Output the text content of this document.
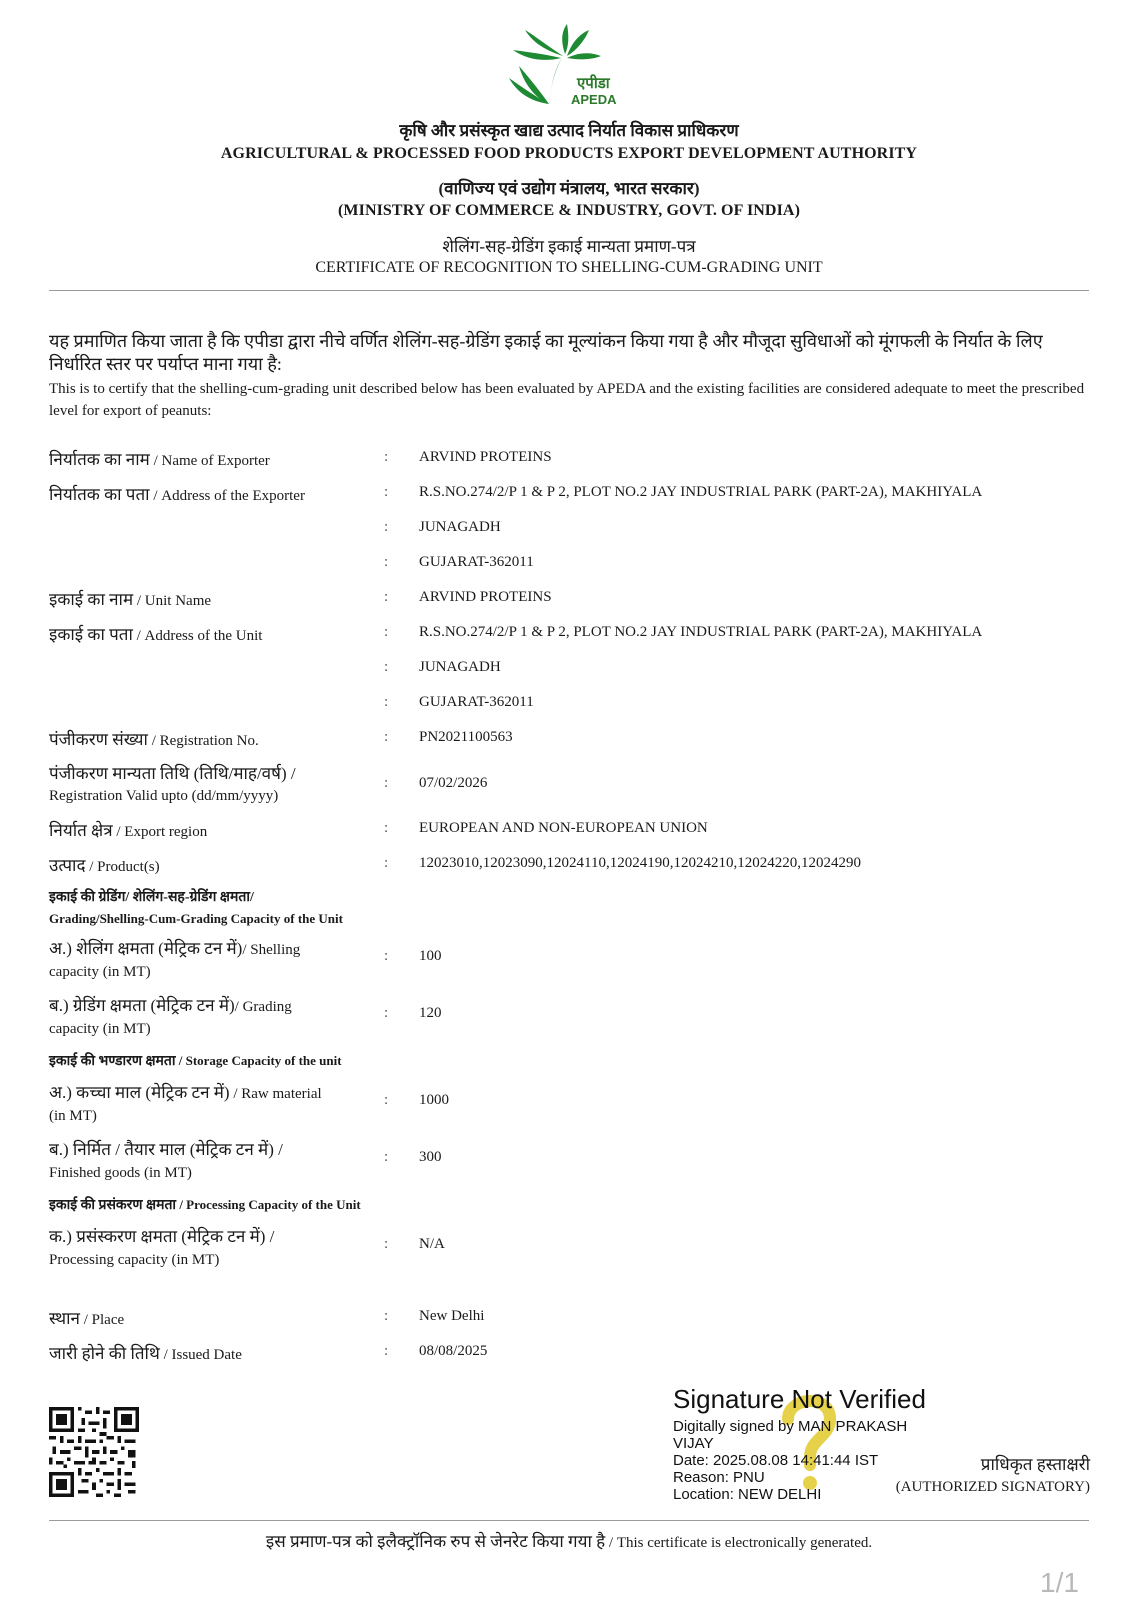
एपीडा
APEDA
कृषि और प्रसंस्कृत खाद्य उत्पाद निर्यात विकास प्राधिकरण
AGRICULTURAL & PROCESSED FOOD PRODUCTS EXPORT DEVELOPMENT AUTHORITY
(वाणिज्य एवं उद्योग मंत्रालय, भारत सरकार)
(MINISTRY OF COMMERCE & INDUSTRY, GOVT. OF INDIA)
शेलिंग-सह-ग्रेडिंग इकाई मान्यता प्रमाण-पत्र
CERTIFICATE OF RECOGNITION TO SHELLING-CUM-GRADING UNIT
यह प्रमाणित किया जाता है कि एपीडा द्वारा नीचे वर्णित शेलिंग-सह-ग्रेडिंग इकाई का मूल्यांकन किया गया है और मौजूदा सुविधाओं को मूंगफली के निर्यात के लिए निर्धारित स्तर पर पर्याप्त माना गया है:
This is to certify that the shelling-cum-grading unit described below has been evaluated by APEDA and the existing facilities are considered adequate to meet the prescribed level for export of peanuts:
निर्यातक का नाम / Name of Exporter	: ARVIND PROTEINS
निर्यातक का पता / Address of the Exporter	: R.S.NO.274/2/P 1 & P 2, PLOT NO.2 JAY INDUSTRIAL PARK (PART-2A), MAKHIYALA
: JUNAGADH
: GUJARAT-362011
इकाई का नाम / Unit Name	: ARVIND PROTEINS
इकाई का पता / Address of the Unit	: R.S.NO.274/2/P 1 & P 2, PLOT NO.2 JAY INDUSTRIAL PARK (PART-2A), MAKHIYALA
: JUNAGADH
: GUJARAT-362011
पंजीकरण संख्या / Registration No.	: PN2021100563
पंजीकरण मान्यता तिथि (तिथि/माह/वर्ष) /
Registration Valid upto (dd/mm/yyyy)
: 07/02/2026
निर्यात क्षेत्र / Export region	: EUROPEAN AND NON-EUROPEAN UNION
उत्पाद / Product(s)	: 12023010,12023090,12024110,12024190,12024210,12024220,12024290
इकाई की ग्रेडिंग/ शेलिंग-सह-ग्रेडिंग क्षमता/
Grading/Shelling-Cum-Grading Capacity of the Unit
अ.) शेलिंग क्षमता (मेट्रिक टन में)/ Shelling
capacity (in MT)
: 100
ब.) ग्रेडिंग क्षमता (मेट्रिक टन में)/ Grading
capacity (in MT)
: 120
इकाई की भण्डारण क्षमता / Storage Capacity of the unit
अ.) कच्चा माल (मेट्रिक टन में) / Raw material
(in MT)
: 1000
ब.) निर्मित / तैयार माल (मेट्रिक टन में) /
Finished goods (in MT)
: 300
इकाई की प्रसंकरण क्षमता / Processing Capacity of the Unit
क.) प्रसंस्करण क्षमता (मेट्रिक टन में) /
Processing capacity (in MT)
: N/A
स्थान / Place	: New Delhi
जारी होने की तिथि / Issued Date	: 08/08/2025
Signature Not Verified
Digitally signed by MAN PRAKASH
VIJAY
Date: 2025.08.08 14:41:44 IST
Reason: PNU
Location: NEW DELHI
प्राधिकृत हस्ताक्षरी
(AUTHORIZED SIGNATORY)
इस प्रमाण-पत्र को इलैक्ट्रॉनिक रुप से जेनरेट किया गया है / This certificate is electronically generated.
1/1
